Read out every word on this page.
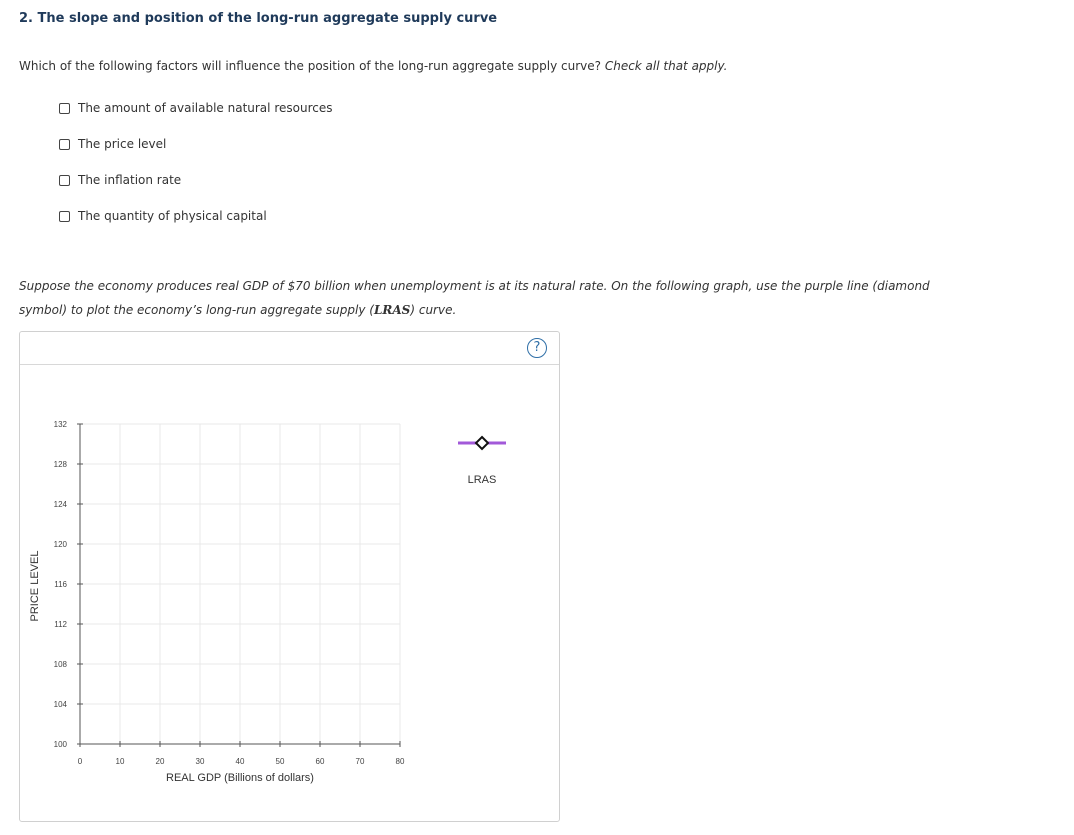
2. The slope and position of the long-run aggregate supply curve
Which of the following factors will influence the position of the long-run aggregate supply curve? Check all that apply.
The amount of available natural resources
The price level
The inflation rate
The quantity of physical capital
Suppose the economy produces real GDP of $70 billion when unemployment is at its natural rate. On the following graph, use the purple line (diamond
symbol) to plot the economy’s long-run aggregate supply (LRAS) curve.
?
100
104
108
112
116
120
124
128
132
0	10	20	30	40	50	60	70	80
REAL GDP (Billions of dollars)
PRICE LEVEL
LRAS
